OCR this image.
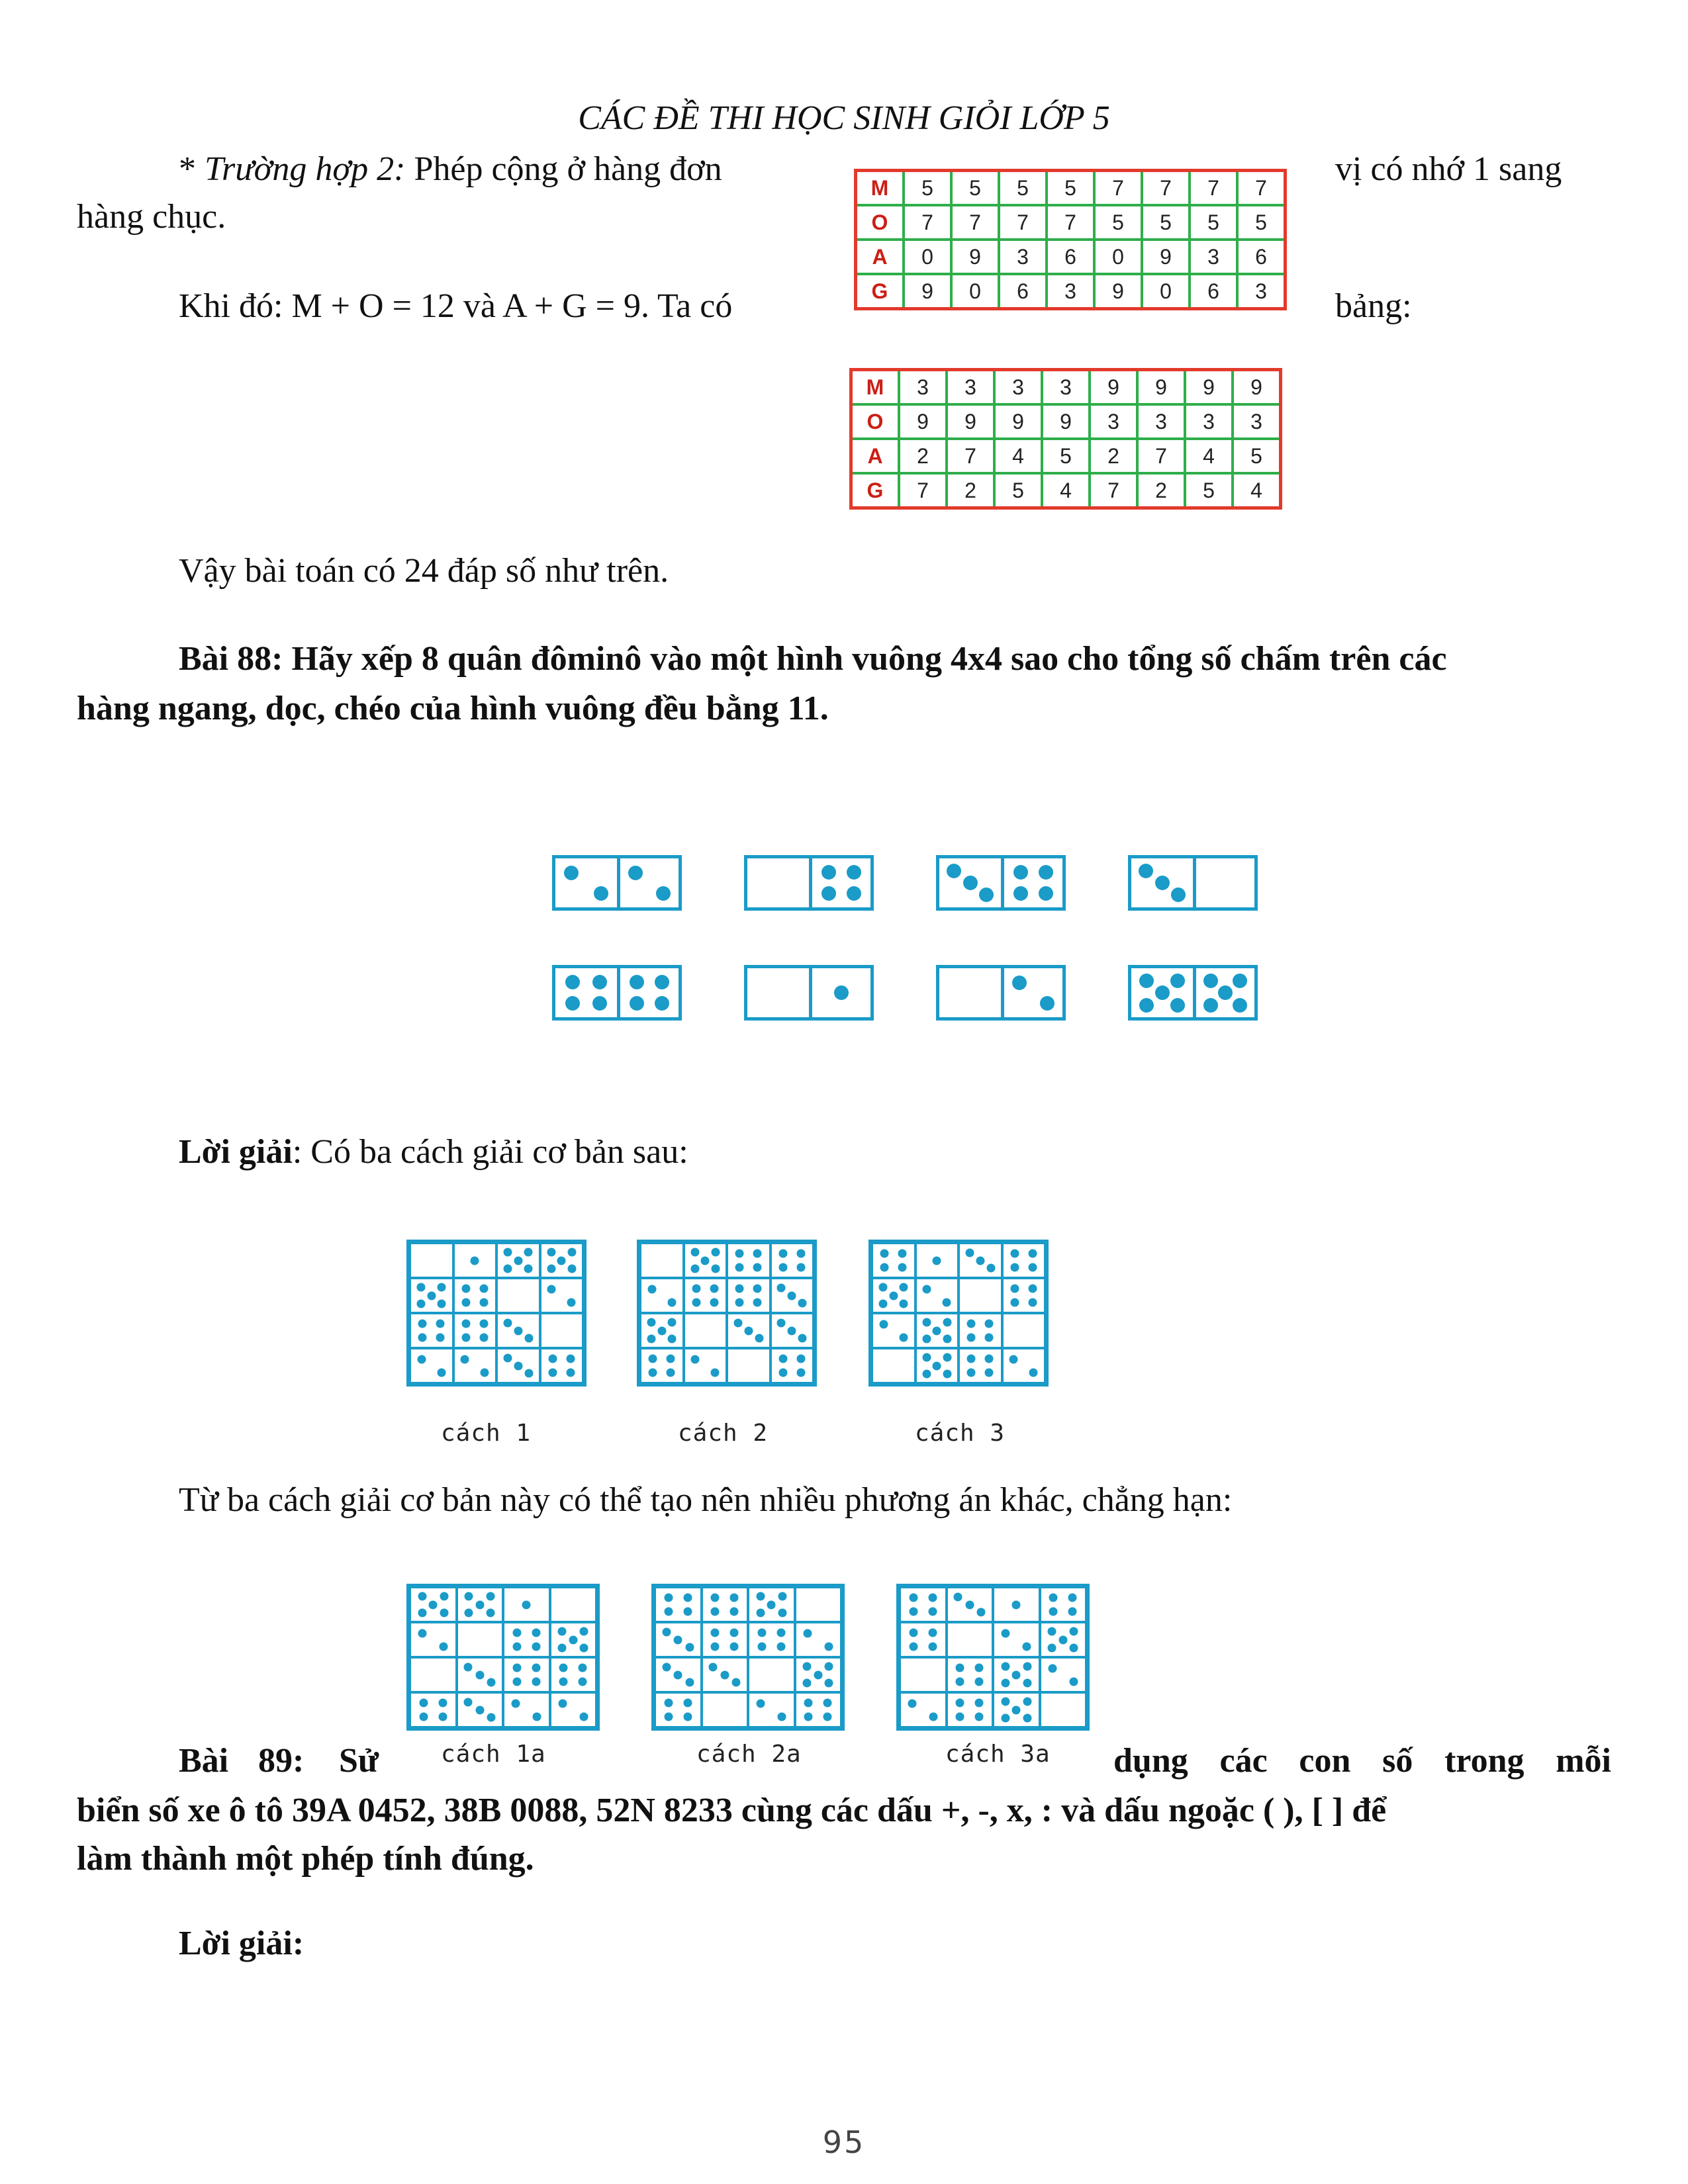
CÁC ĐỀ THI HỌC SINH GIỎI LỚP 5
* Trường hợp 2: Phép cộng ở hàng đơn	vị có nhớ 1 sang
hàng chục.
Khi đó: M + O = 12 và A + G = 9. Ta có	bảng:
M	5	5	5	5	7	7	7	7
O	7	7	7	7	5	5	5	5
A	0	9	3	6	0	9	3	6
G	9	0	6	3	9	0	6	3
M	3	3	3	3	9	9	9	9
O	9	9	9	9	3	3	3	3
A	2	7	4	5	2	7	4	5
G	7	2	5	4	7	2	5	4
Vậy bài toán có 24 đáp số như trên.
Bài 88: Hãy xếp 8 quân đôminô vào một hình vuông 4x4 sao cho tổng số chấm trên các
hàng ngang, dọc, chéo của hình vuông đều bằng 11.
Lời giải: Có ba cách giải cơ bản sau:
cách 1	cách 2	cách 3
Từ ba cách giải cơ bản này có thể tạo nên nhiều phương án khác, chẳng hạn:
cách 1a	cách 2a	cách 3a
Bài 89: Sử	dụng các con số trong mỗi
biển số xe ô tô 39A 0452, 38B 0088, 52N 8233 cùng các dấu +, -, x, : và dấu ngoặc ( ), [ ] để
làm thành một phép tính đúng.
Lời giải:
95
